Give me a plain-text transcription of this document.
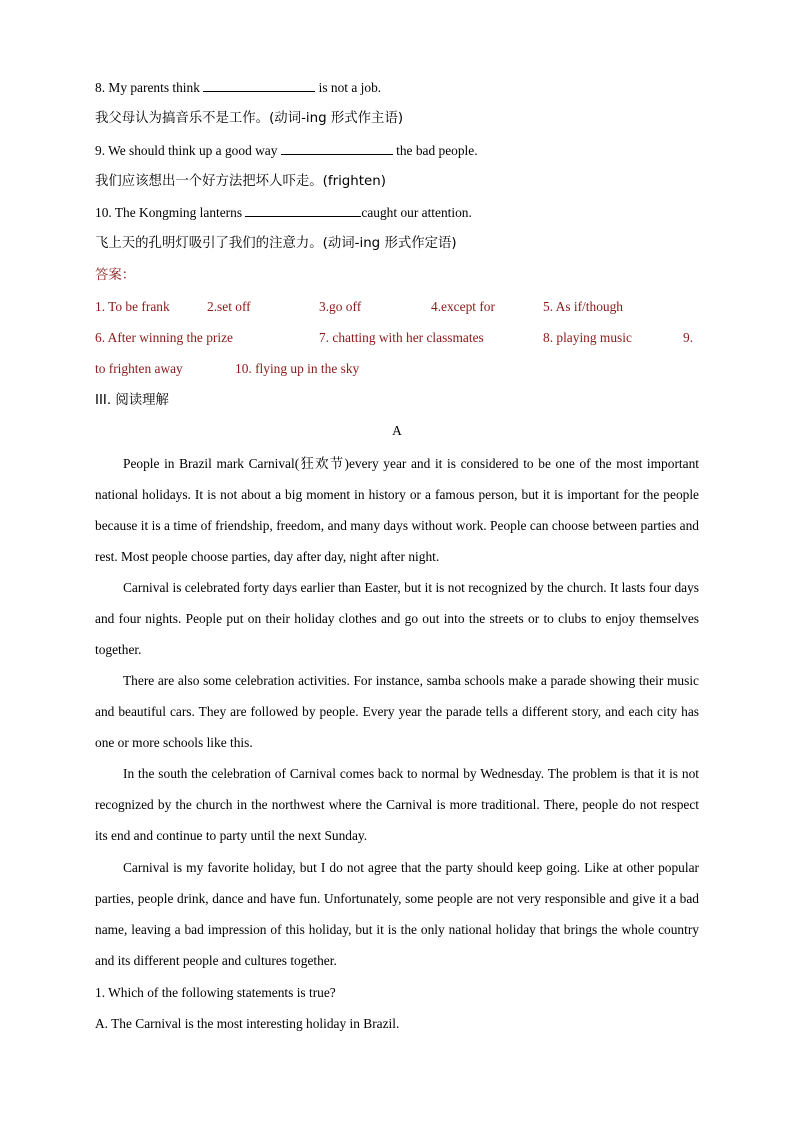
8. My parents think	is not a job.
我父母认为搞音乐不是工作。(动词-ing 形式作主语)
9. We should think up a good way	the bad people.
我们应该想出一个好方法把坏人吓走。(frighten)
10. The Kongming lanterns	caught our attention.
飞上天的孔明灯吸引了我们的注意力。(动词-ing 形式作定语)
答案：
1. To be frank	2.set off	3.go off	4.except for	5. As if/though
6. After winning the prize	7. chatting with her classmates	8. playing music	9.
to frighten away	10. flying up in the sky
III. 阅读理解
A
People in Brazil mark Carnival(狂欢节)every year and it is considered to be one of the most important national holidays. It is not about a big moment in history or a famous person, but it is important for the people because it is a time of friendship, freedom, and many days without work. People can choose between parties and rest. Most people choose parties, day after day, night after night.
Carnival is celebrated forty days earlier than Easter, but it is not recognized by the church. It lasts four days and four nights. People put on their holiday clothes and go out into the streets or to clubs to enjoy themselves together.
There are also some celebration activities. For instance, samba schools make a parade showing their music and beautiful cars. They are followed by people. Every year the parade tells a different story, and each city has one or more schools like this.
In the south the celebration of Carnival comes back to normal by Wednesday. The problem is that it is not recognized by the church in the northwest where the Carnival is more traditional. There, people do not respect its end and continue to party until the next Sunday.
Carnival is my favorite holiday, but I do not agree that the party should keep going. Like at other popular parties, people drink, dance and have fun. Unfortunately, some people are not very responsible and give it a bad name, leaving a bad impression of this holiday, but it is the only national holiday that brings the whole country and its different people and cultures together.
1. Which of the following statements is true?
A. The Carnival is the most interesting holiday in Brazil.
